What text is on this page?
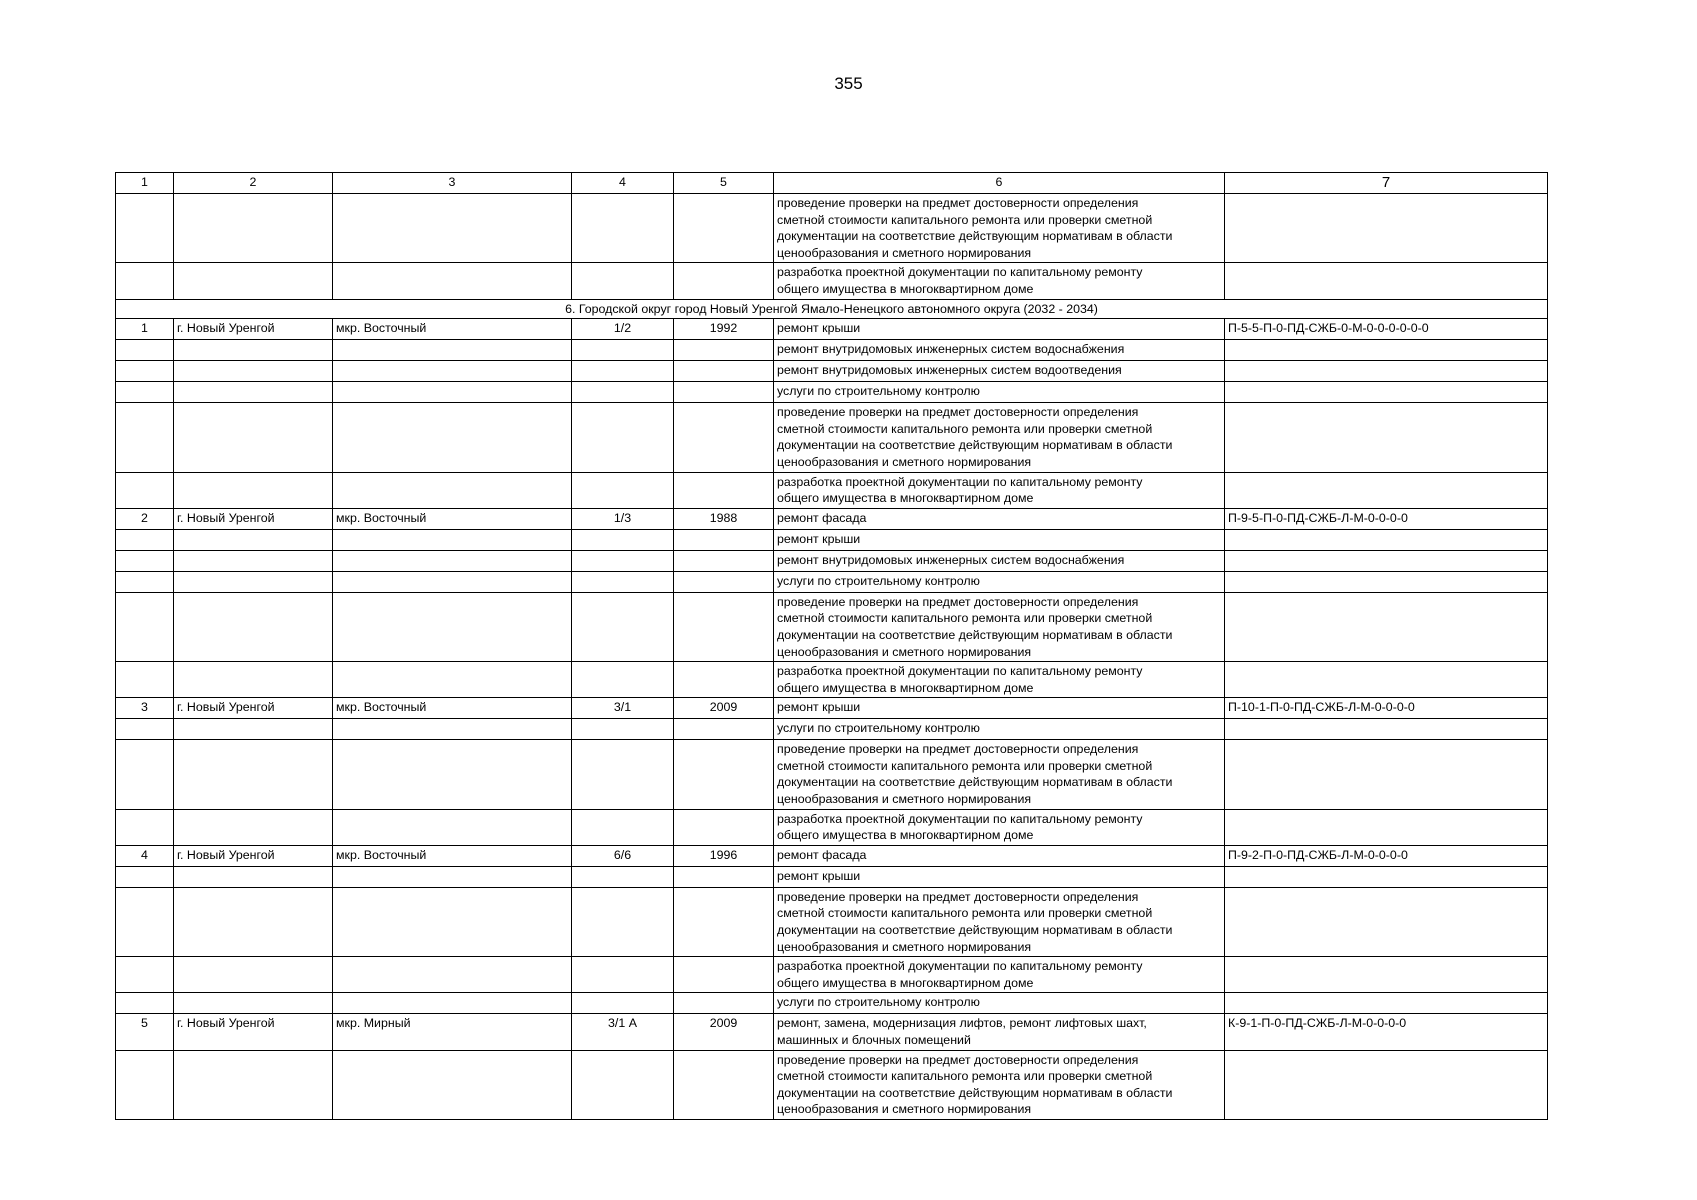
355
1	2	3	4	5	6	7
					проведение проверки на предмет достоверности определения
сметной стоимости капитального ремонта или проверки сметной
документации на соответствие действующим нормативам в области
ценообразования и сметного нормирования	
					разработка проектной документации по капитальному ремонту
общего имущества в многоквартирном доме	
6. Городской округ город Новый Уренгой Ямало-Ненецкого автономного округа (2032 - 2034)						
1	г. Новый Уренгой	мкр. Восточный	1/2	1992	ремонт крыши	П-5-5-П-0-ПД-СЖБ-0-М-0-0-0-0-0-0
					ремонт внутридомовых инженерных систем водоснабжения	
					ремонт внутридомовых инженерных систем водоотведения	
					услуги по строительному контролю	
					проведение проверки на предмет достоверности определения
сметной стоимости капитального ремонта или проверки сметной
документации на соответствие действующим нормативам в области
ценообразования и сметного нормирования	
					разработка проектной документации по капитальному ремонту
общего имущества в многоквартирном доме	
2	г. Новый Уренгой	мкр. Восточный	1/3	1988	ремонт фасада	П-9-5-П-0-ПД-СЖБ-Л-М-0-0-0-0
					ремонт крыши	
					ремонт внутридомовых инженерных систем водоснабжения	
					услуги по строительному контролю	
					проведение проверки на предмет достоверности определения
сметной стоимости капитального ремонта или проверки сметной
документации на соответствие действующим нормативам в области
ценообразования и сметного нормирования	
					разработка проектной документации по капитальному ремонту
общего имущества в многоквартирном доме	
3	г. Новый Уренгой	мкр. Восточный	3/1	2009	ремонт крыши	П-10-1-П-0-ПД-СЖБ-Л-М-0-0-0-0
					услуги по строительному контролю	
					проведение проверки на предмет достоверности определения
сметной стоимости капитального ремонта или проверки сметной
документации на соответствие действующим нормативам в области
ценообразования и сметного нормирования	
					разработка проектной документации по капитальному ремонту
общего имущества в многоквартирном доме	
4	г. Новый Уренгой	мкр. Восточный	6/6	1996	ремонт фасада	П-9-2-П-0-ПД-СЖБ-Л-М-0-0-0-0
					ремонт крыши	
					проведение проверки на предмет достоверности определения
сметной стоимости капитального ремонта или проверки сметной
документации на соответствие действующим нормативам в области
ценообразования и сметного нормирования	
					разработка проектной документации по капитальному ремонту
общего имущества в многоквартирном доме	
					услуги по строительному контролю	
5	г. Новый Уренгой	мкр. Мирный	3/1 А	2009	ремонт, замена, модернизация лифтов, ремонт лифтовых шахт,
машинных и блочных помещений	К-9-1-П-0-ПД-СЖБ-Л-М-0-0-0-0
					проведение проверки на предмет достоверности определения
сметной стоимости капитального ремонта или проверки сметной
документации на соответствие действующим нормативам в области
ценообразования и сметного нормирования	
